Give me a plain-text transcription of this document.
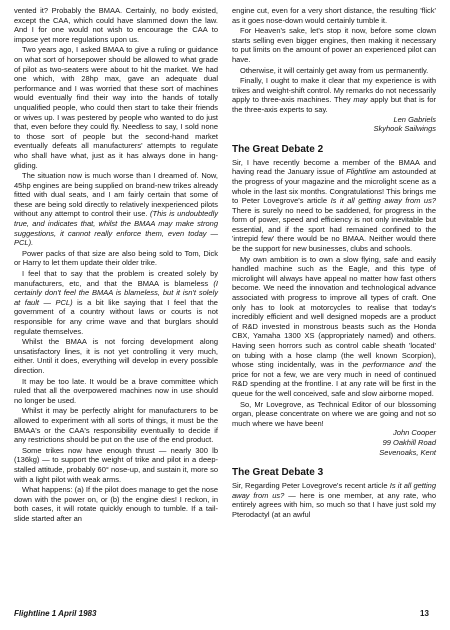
vented it? Probably the BMAA. Certainly, no body existed, except the CAA, which could have slammed down the law. And I for one would not wish to encourage the CAA to impose yet more regulations upon us.

Two years ago, I asked BMAA to give a ruling or guidance on what sort of horsepower should be allowed to what grade of pilot as two-seaters were about to hit the market. We had one which, with 28hp max, gave an adequate dual performance and I was worried that these sort of machines would eventually find their way into the hands of totally unqualified people, who could then start to take their friends or wives up. I was pestered by people who wanted to do just that, even before they could fly. Needless to say, I sold none to those sort of people but the second-hand market eventually defeats all manufacturers' attempts to regulate who shall have what, just as it has always done in hang-gliding.

The situation now is much worse than I dreamed of. Now, 45hp engines are being supplied on brand-new trikes already fitted with dual seats, and I am fairly certain that some of these are being sold directly to relatively inexperienced pilots without any attempt to control their use. (This is undoubtedly true, and indicates that, whilst the BMAA may make strong suggestions, it cannot really enforce them, even today — PCL).

Power packs of that size are also being sold to Tom, Dick or Harry to let them update their older trike.

I feel that to say that the problem is created solely by manufacturers, etc, and that the BMAA is blameless (I certainly don't feel the BMAA is blameless, but it isn't solely at fault — PCL) is a bit like saying that I feel that the government of a country without laws or courts is not responsible for any crime wave and that burglars should regulate themselves.

Whilst the BMAA is not forcing development along unsatisfactory lines, it is not yet controlling it very much, either. Until it does, everything will develop in every possible direction.

It may be too late. It would be a brave committee which ruled that all the overpowered machines now in use should no longer be used.

Whilst it may be perfectly alright for manufacturers to be allowed to experiment with all sorts of things, it must be the BMAA's or the CAA's responsibility eventually to decide if any restrictions should be put on the use of the end product.

Some trikes now have enough thrust — nearly 300 lb (136kg) — to support the weight of trike and pilot in a deep-stalled attitude, probably 60° nose-up, and sustain it, more so with a light pilot with weak arms.

What happens: (a) If the pilot does manage to get the nose down with the power on, or (b) the engine dies! I reckon, in both cases, it will rotate quickly enough to tumble. If a tail-slide started after an

engine cut, even for a very short distance, the resulting 'flick' as it goes nose-down would certainly tumble it.

For Heaven's sake, let's stop it now, before some clown starts selling even bigger engines, then making it necessary to put limits on the amount of power an experienced pilot can have.

Otherwise, it will certainly get away from us permanently.

Finally, I ought to make it clear that my experience is with trikes and weight-shift control. My remarks do not necessarily apply to three-axis machines. They may apply but that is for the three-axis experts to say.

Len Gabriels
Skyhook Sailwings
The Great Debate 2

Sir, I have recently become a member of the BMAA and having read the January issue of Flightline am astounded at the progress of your magazine and the microlight scene as a whole in the last six months. Congratulations! This brings me to Peter Lovegrove's article Is it all getting away from us? There is surely no need to be saddened, for progress in the form of power, speed and efficiency is not only inevitable but essential, and if the sport had remained confined to the 'intrepid few' there would be no BMAA. Neither would there be the support for new businesses, clubs and schools.

My own ambition is to own a slow flying, safe and easily handled machine such as the Eagle, and this type of microlight will always have appeal no matter how fast others become. We need the innovation and technological advance associated with progress to improve all types of craft. One only has to look at motorcycles to realise that today's incredibly efficient and well designed mopeds are a product of R&D invested in monstrous beasts such as the Honda CBX, Yamaha 1300 XS (appropriately named) and others. Having seen horrors such as control cable sheath 'located' on tubing with a hose clamp (the well known Scorpion), whose sting incidentally, was in the performance and the price for not a few, we are very much in need of continued R&D spending at the frontline. I at any rate will be first in the queue for the well conceived, safe and slow airborne moped.

So, Mr Lovegrove, as Technical Editor of our blossoming organ, please concentrate on where we are going and not so much where we have been!

John Cooper
99 Oakhill Road
Sevenoaks, Kent
The Great Debate 3

Sir, Regarding Peter Lovegrove's recent article Is it all getting away from us? — here is one member, at any rate, who entirely agrees with him, so much so that I have just sold my Pterodactyl (at an awful

Flightline 1 April 1983	13
